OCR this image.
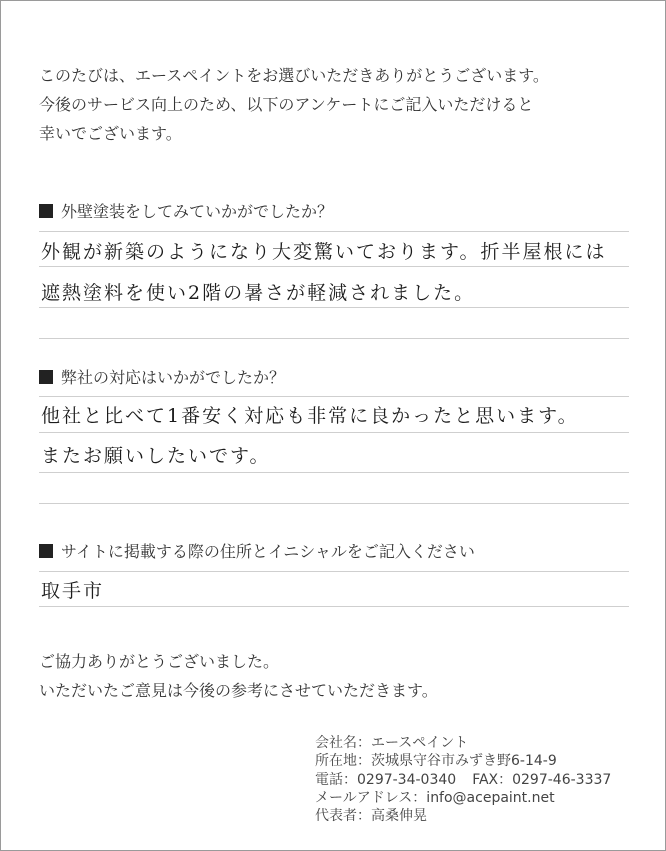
このたびは、エースペイントをお選びいただきありがとうございます。
今後のサービス向上のため、以下のアンケートにご記入いただけると
幸いでございます。
外壁塗装をしてみていかがでしたか？
外観が新築のようになり大変驚いております。折半屋根には
遮熱塗料を使い2階の暑さが軽減されました。
弊社の対応はいかがでしたか？
他社と比べて1番安く対応も非常に良かったと思います。
またお願いしたいです。
サイトに掲載する際の住所とイニシャルをご記入ください
取手市
ご協力ありがとうございました。
いただいたご意見は今後の参考にさせていただきます。
会社名：エースペイント
所在地：茨城県守谷市みずき野6-14-9
電話：0297-34-0340 FAX：0297-46-3337
メールアドレス：info@acepaint.net
代表者：高桑伸晃
